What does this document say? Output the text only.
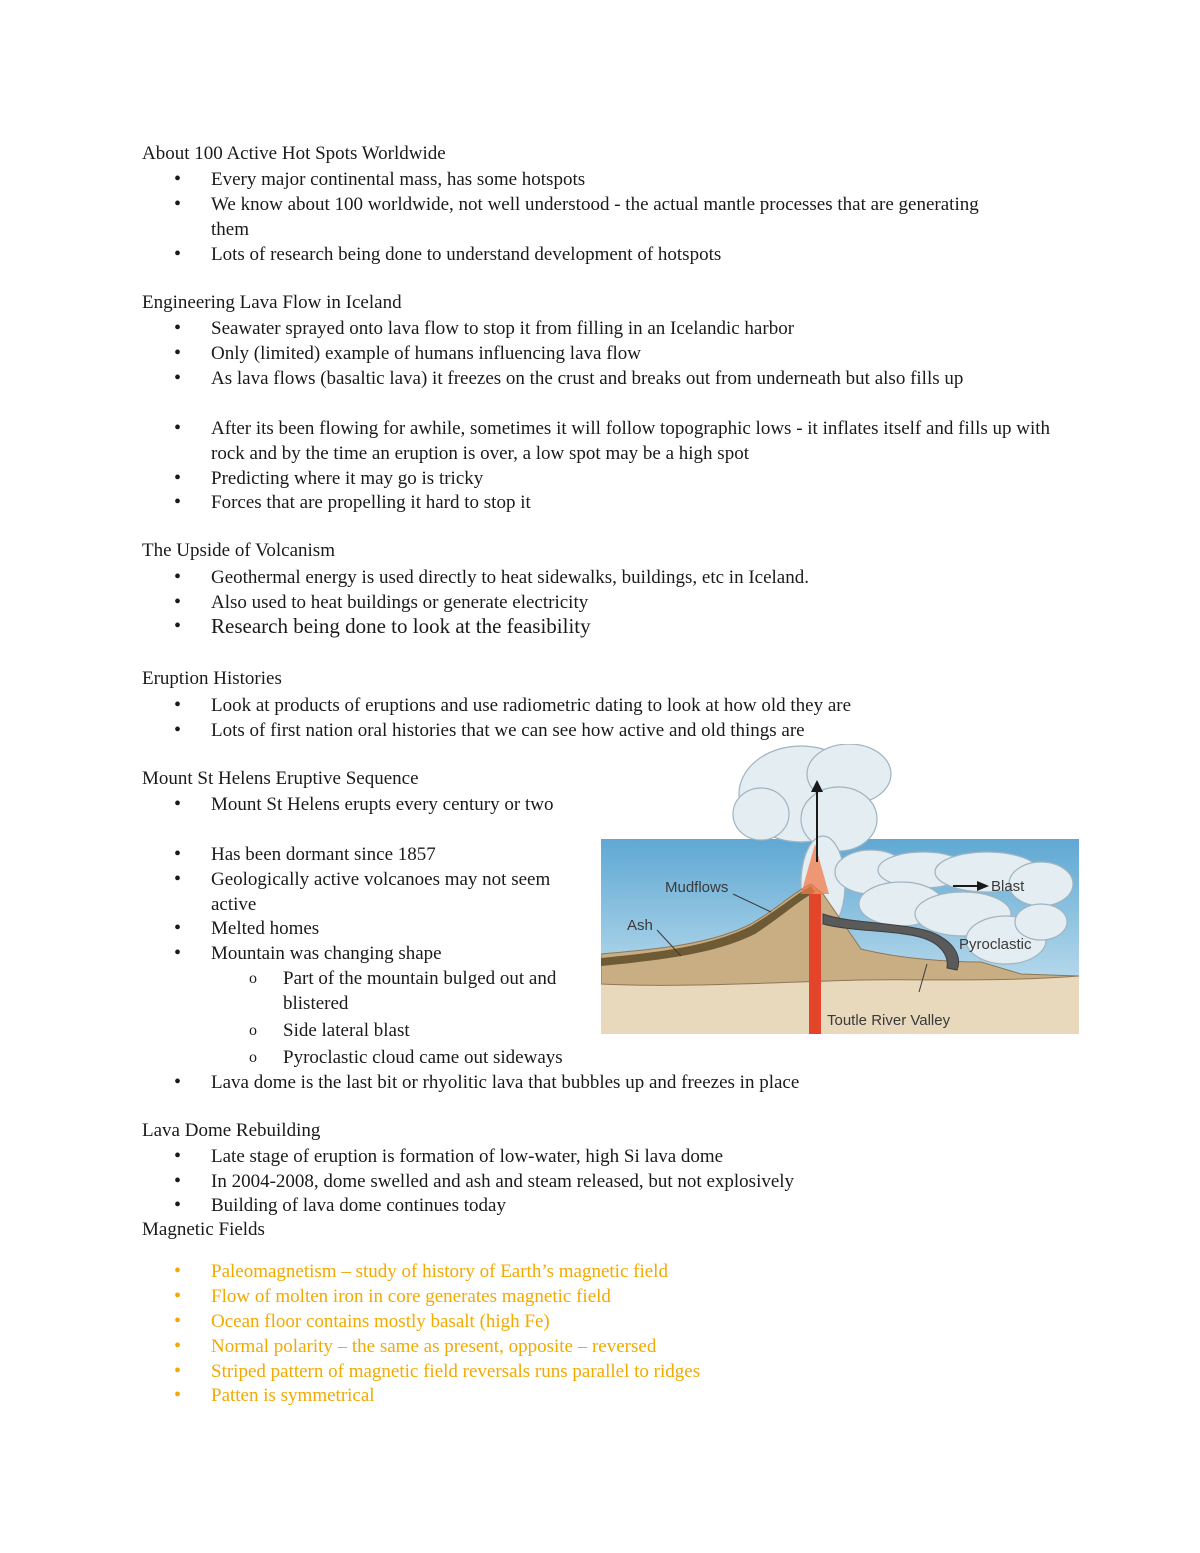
About 100 Active Hot Spots Worldwide
• Every major continental mass, has some hotspots
• We know about 100 worldwide, not well understood - the actual mantle processes that are generating them
• Lots of research being done to understand development of hotspots
Engineering Lava Flow in Iceland
• Seawater sprayed onto lava flow to stop it from filling in an Icelandic harbor
• Only (limited) example of humans influencing lava flow
• As lava flows (basaltic lava) it freezes on the crust and breaks out from underneath but also fills up
• After its been flowing for awhile, sometimes it will follow topographic lows - it inflates itself and fills up with rock and by the time an eruption is over, a low spot may be a high spot
• Predicting where it may go is tricky
• Forces that are propelling it hard to stop it
The Upside of Volcanism
• Geothermal energy is used directly to heat sidewalks, buildings, etc in Iceland.
• Also used to heat buildings or generate electricity
• Research being done to look at the feasibility
Eruption Histories
• Look at products of eruptions and use radiometric dating to look at how old they are
• Lots of first nation oral histories that we can see how active and old things are
Mount St Helens Eruptive Sequence
• Mount St Helens erupts every century or two
• Has been dormant since 1857
• Geologically active volcanoes may not seem active
• Melted homes
• Mountain was changing shape
o Part of the mountain bulged out and blistered
o Side lateral blast
o Pyroclastic cloud came out sideways
• Lava dome is the last bit or rhyolitic lava that bubbles up and freezes in place
Mudflows
Ash
Blast
Pyroclastic
Toutle River Valley
Lava Dome Rebuilding
• Late stage of eruption is formation of low-water, high Si lava dome
• In 2004-2008, dome swelled and ash and steam released, but not explosively
• Building of lava dome continues today
Magnetic Fields
• Paleomagnetism – study of history of Earth’s magnetic field
• Flow of molten iron in core generates magnetic field
• Ocean floor contains mostly basalt (high Fe)
• Normal polarity – the same as present, opposite – reversed
• Striped pattern of magnetic field reversals runs parallel to ridges
• Patten is symmetrical
